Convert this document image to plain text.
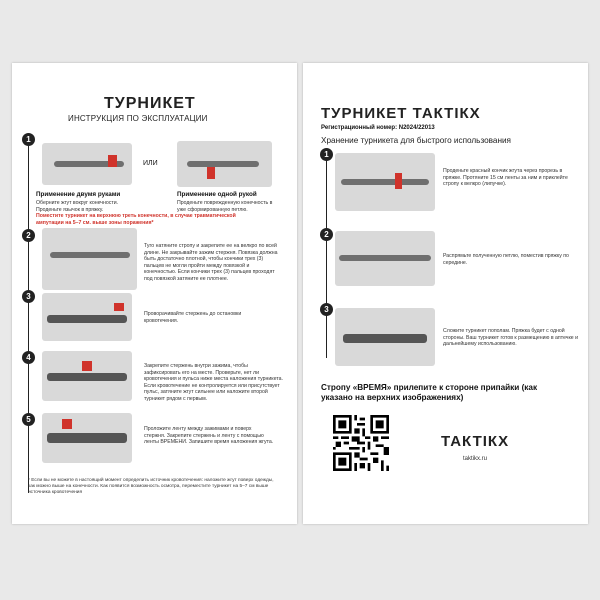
ТУРНИКЕТ
ИНСТРУКЦИЯ ПО ЭКСПЛУАТАЦИИ
1
ИЛИ
Применение двумя руками
Оберните жгут вокруг конечности. Проденьте язычок в пряжку.
Применение одной рукой
Проденьте поврежденную конечность в уже сформированную петлю.
Поместите турникет на верхнюю треть конечности, в случае травматической ампутации на 5–7 см. выше зоны поражения*
2
Туго натяните стропу и закрепите ее на велкро по всей длине. Не закрывайте зажим стержня. Повязка должна быть достаточно плотной, чтобы кончики трех (3) пальцев не могли пройти между повязкой и конечностью. Если кончики трех (3) пальцев проходят под повязкой затяните ее плотнее.
3
Проворачивайте стержень до остановки кровотечения.
4
Закрепите стержень внутри зажима, чтобы зафиксировать его на месте. Проверьте, нет ли кровотечения и пульса ниже места наложения турникета. Если кровотечение не контролируется или присутствует пульс, затяните жгут сильнее или наложите второй турникет рядом с первым.
5
Проложите ленту между зажимами и поверх стержня. Закрепите стержень и ленту с помощью ленты ВРЕМЕНИ. Запишите время наложения жгута.
* Если вы не можете в настоящий момент определить источник кровотечения: наложите жгут поверх одежды, как можно выше на конечности. Как появится возможность осмотра, переместите турникет на 5–7 см выше источника кровотечения
ТУРНИКЕТ ТАКТІКХ
Регистрационный номер: N2024/22013
Хранение турникета для быстрого использования
1
Проденьте красный кончик жгута через прорезь в пряжке. Протяните 15 см ленты за ним и приклейте стропу к велкро (липучке).
2
Распрямьте полученную петлю, поместив пряжку по середине.
3
Сложите турникет пополам. Пряжка будет с одной стороны. Ваш турникет готов к размещению в аптечке и дальнейшему использованию.
Стропу «ВРЕМЯ» прилепите к стороне припайки (как указано на верхних изображениях)
ТАКТІКХ
taktikx.ru
